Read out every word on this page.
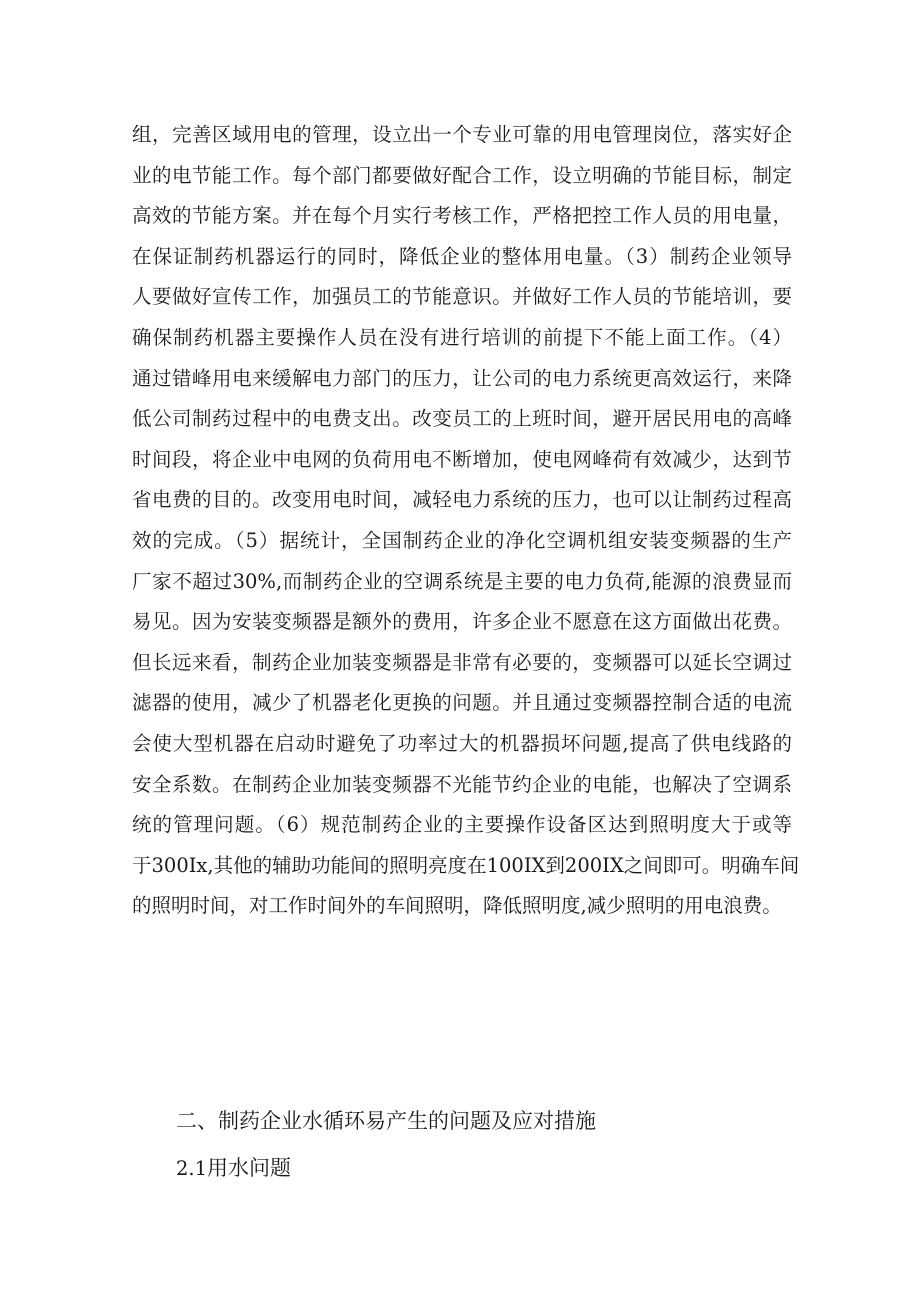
组，完善区域用电的管理，设立出一个专业可靠的用电管理岗位，落实好企
业的电节能工作。每个部门都要做好配合工作，设立明确的节能目标，制定
高效的节能方案。并在每个月实行考核工作，严格把控工作人员的用电量，
在保证制药机器运行的同时，降低企业的整体用电量。（3）制药企业领导
人要做好宣传工作，加强员工的节能意识。并做好工作人员的节能培训，要
确保制药机器主要操作人员在没有进行培训的前提下不能上面工作。（4）
通过错峰用电来缓解电力部门的压力，让公司的电力系统更高效运行，来降
低公司制药过程中的电费支出。改变员工的上班时间，避开居民用电的高峰
时间段，将企业中电网的负荷用电不断增加，使电网峰荷有效减少，达到节
省电费的目的。改变用电时间，减轻电力系统的压力，也可以让制药过程高
效的完成。（5）据统计，全国制药企业的净化空调机组安装变频器的生产
厂家不超过30%,而制药企业的空调系统是主要的电力负荷,能源的浪费显而
易见。因为安装变频器是额外的费用，许多企业不愿意在这方面做出花费。
但长远来看，制药企业加装变频器是非常有必要的，变频器可以延长空调过
滤器的使用，减少了机器老化更换的问题。并且通过变频器控制合适的电流
会使大型机器在启动时避免了功率过大的机器损坏问题,提高了供电线路的
安全系数。在制药企业加装变频器不光能节约企业的电能，也解决了空调系
统的管理问题。（6）规范制药企业的主要操作设备区达到照明度大于或等
于300Ix,其他的辅助功能间的照明亮度在100IX到200IX之间即可。明确车间
的照明时间，对工作时间外的车间照明，降低照明度,减少照明的用电浪费。
二、制药企业水循环易产生的问题及应对措施
2.1用水问题
